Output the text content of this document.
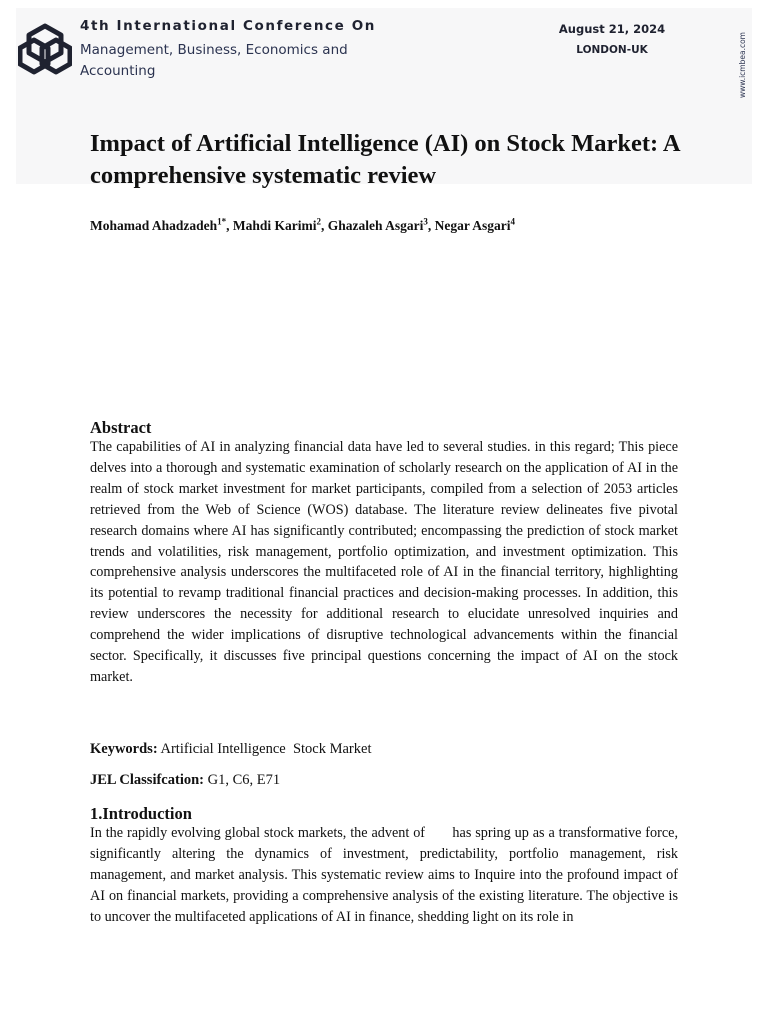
4th International Conference On
Management, Business, Economics and Accounting
August 21, 2024
LONDON-UK	www.icmbea.com
Impact of Artificial Intelligence (AI) on Stock Market: A comprehensive systematic review
Mohamad Ahadzadeh$^{1*}$, Mahdi Karimi$^2$, Ghazaleh Asgari$^3$, Negar Asgari$^4$
Abstract

The capabilities of AI in analyzing financial data have led to several studies. in this regard; This piece delves into a thorough and systematic examination of scholarly research on the application of AI in the realm of stock market investment for market participants, compiled from a selection of 2053 articles retrieved from the Web of Science (WOS) database. The literature review delineates five pivotal research domains where AI has significantly contributed; encompassing the prediction of stock market trends and volatilities, risk management, portfolio optimization, and investment optimization. This comprehensive analysis underscores the multifaceted role of AI in the financial territory, highlighting its potential to revamp traditional financial practices and decision-making processes. In addition, this review underscores the necessity for additional research to elucidate unresolved inquiries and comprehend the wider implications of disruptive technological advancements within the financial sector. Specifically, it discusses five principal questions concerning the impact of AI on the stock market.

Keywords: Artificial Intelligence  Stock Market
JEL Classifcation: G1, C6, E71
1.Introduction

In the rapidly evolving global stock markets, the advent of       has spring up as a transformative force, significantly altering the dynamics of investment, predictability, portfolio management, risk management, and market analysis. This systematic review aims to Inquire into the profound impact of AI on financial markets, providing a comprehensive analysis of the existing literature. The objective is to uncover the multifaceted applications of AI in finance, shedding light on its role in
